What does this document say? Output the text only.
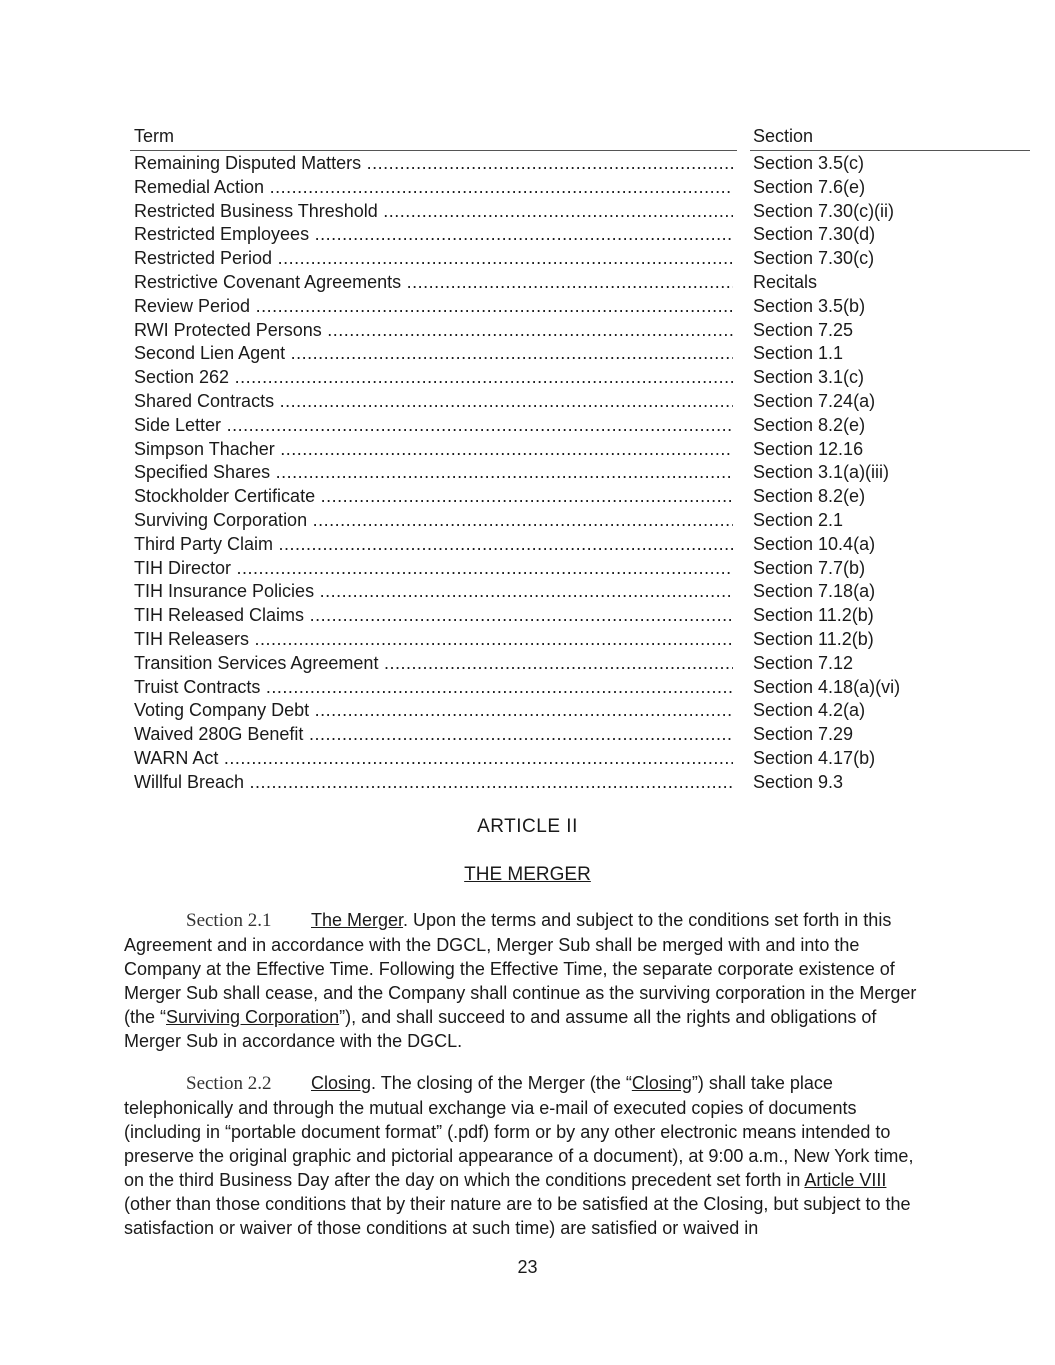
Term	Section
Remaining Disputed Matters .....	Section 3.5(c)
Remedial Action .....	Section 7.6(e)
Restricted Business Threshold .....	Section 7.30(c)(ii)
Restricted Employees .....	Section 7.30(d)
Restricted Period .....	Section 7.30(c)
Restrictive Covenant Agreements .....	Recitals
Review Period .....	Section 3.5(b)
RWI Protected Persons .....	Section 7.25
Second Lien Agent .....	Section 1.1
Section 262 .....	Section 3.1(c)
Shared Contracts .....	Section 7.24(a)
Side Letter .....	Section 8.2(e)
Simpson Thacher .....	Section 12.16
Specified Shares .....	Section 3.1(a)(iii)
Stockholder Certificate .....	Section 8.2(e)
Surviving Corporation .....	Section 2.1
Third Party Claim .....	Section 10.4(a)
TIH Director .....	Section 7.7(b)
TIH Insurance Policies .....	Section 7.18(a)
TIH Released Claims .....	Section 11.2(b)
TIH Releasers .....	Section 11.2(b)
Transition Services Agreement .....	Section 7.12
Truist Contracts .....	Section 4.18(a)(vi)
Voting Company Debt .....	Section 4.2(a)
Waived 280G Benefit .....	Section 7.29
WARN Act .....	Section 4.17(b)
Willful Breach .....	Section 9.3
ARTICLE II
THE MERGER
Section 2.1 The Merger. Upon the terms and subject to the conditions set forth in this Agreement and in accordance with the DGCL, Merger Sub shall be merged with and into the Company at the Effective Time. Following the Effective Time, the separate corporate existence of Merger Sub shall cease, and the Company shall continue as the surviving corporation in the Merger (the “Surviving Corporation”), and shall succeed to and assume all the rights and obligations of Merger Sub in accordance with the DGCL.
Section 2.2 Closing. The closing of the Merger (the “Closing”) shall take place telephonically and through the mutual exchange via e-mail of executed copies of documents (including in “portable document format” (.pdf) form or by any other electronic means intended to preserve the original graphic and pictorial appearance of a document), at 9:00 a.m., New York time, on the third Business Day after the day on which the conditions precedent set forth in Article VIII (other than those conditions that by their nature are to be satisfied at the Closing, but subject to the satisfaction or waiver of those conditions at such time) are satisfied or waived in
23
